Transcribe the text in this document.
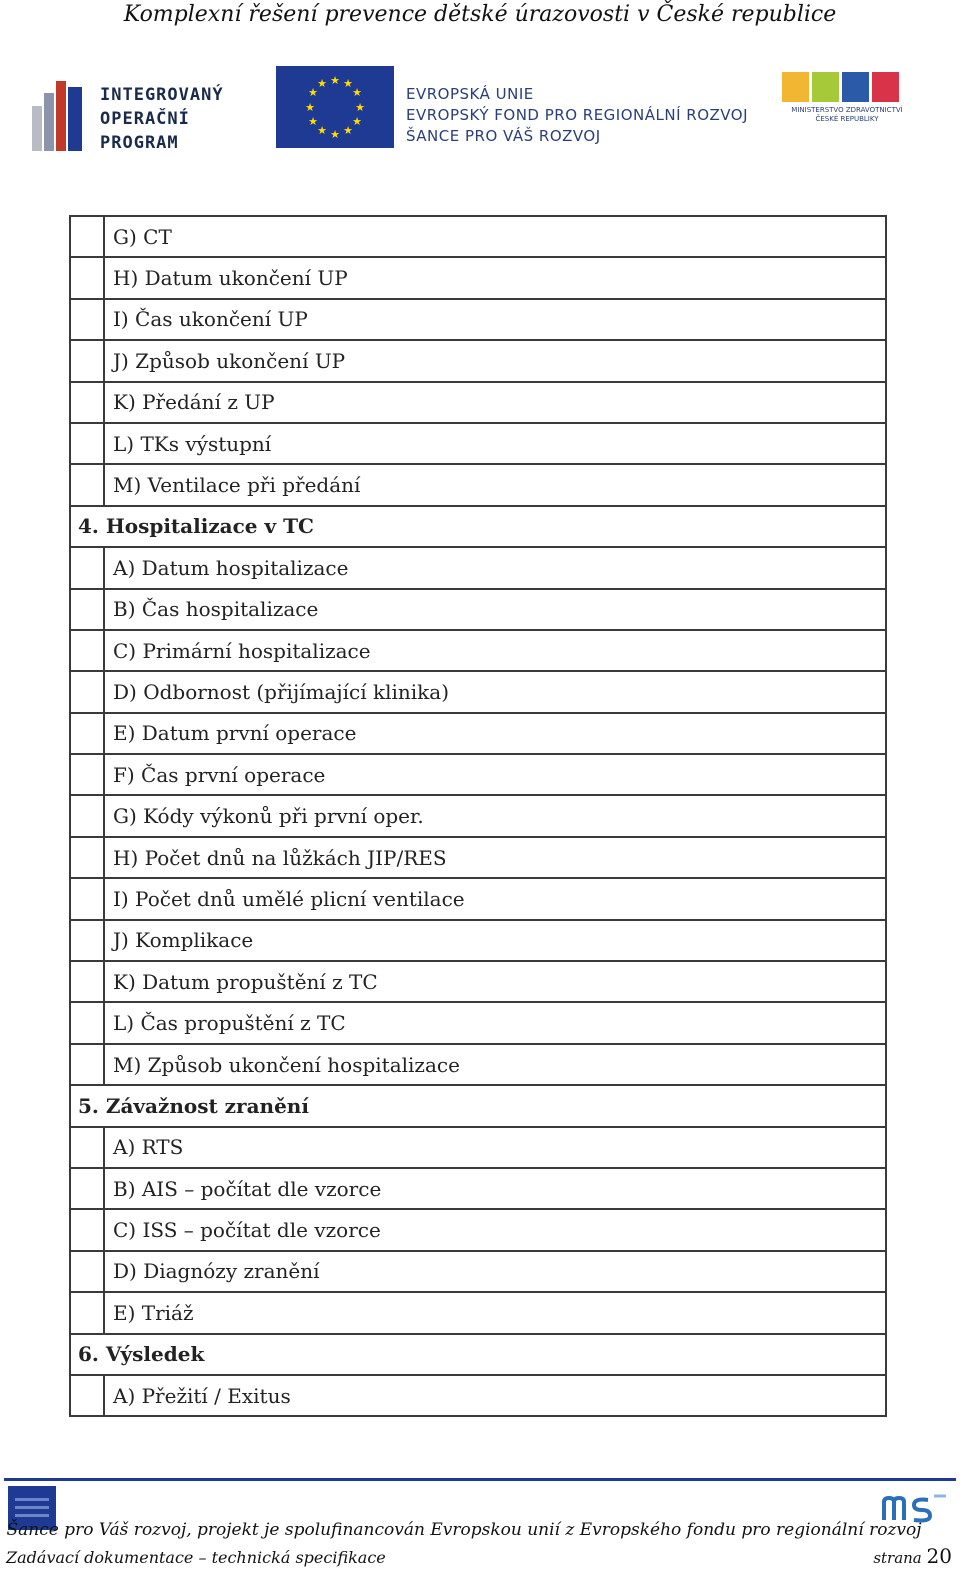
Komplexní řešení prevence dětské úrazovosti v České republice
INTEGROVANÝ
OPERAČNÍ
PROGRAM
★ ★
★
★
★
★
★
★
★
★
★
★
EVROPSKÁ UNIE
EVROPSKÝ FOND PRO REGIONÁLNÍ ROZVOJ
ŠANCE PRO VÁŠ ROZVOJ
MINISTERSTVO ZDRAVOTNICTVÍ
ČESKÉ REPUBLIKY
	G) CT
	H) Datum ukončení UP
	I) Čas ukončení UP
	J) Způsob ukončení UP
	K) Předání z UP
	L) TKs výstupní
	M) Ventilace při předání
4. Hospitalizace v TC	
	A) Datum hospitalizace
	B) Čas hospitalizace
	C) Primární hospitalizace
	D) Odbornost (přijímající klinika)
	E) Datum první operace
	F) Čas první operace
	G) Kódy výkonů při první oper.
	H) Počet dnů na lůžkách JIP/RES
	I) Počet dnů umělé plicní ventilace
	J) Komplikace
	K) Datum propuštění z TC
	L) Čas propuštění z TC
	M) Způsob ukončení hospitalizace
5. Závažnost zranění	
	A) RTS
	B) AIS – počítat dle vzorce
	C) ISS – počítat dle vzorce
	D) Diagnózy zranění
	E) Triáž
6. Výsledek	
	A) Přežití / Exitus
Šance pro Váš rozvoj, projekt je spolufinancován Evropskou unií z Evropského fondu pro regionální rozvoj
Zadávací dokumentace – technická specifikace	strana 20
